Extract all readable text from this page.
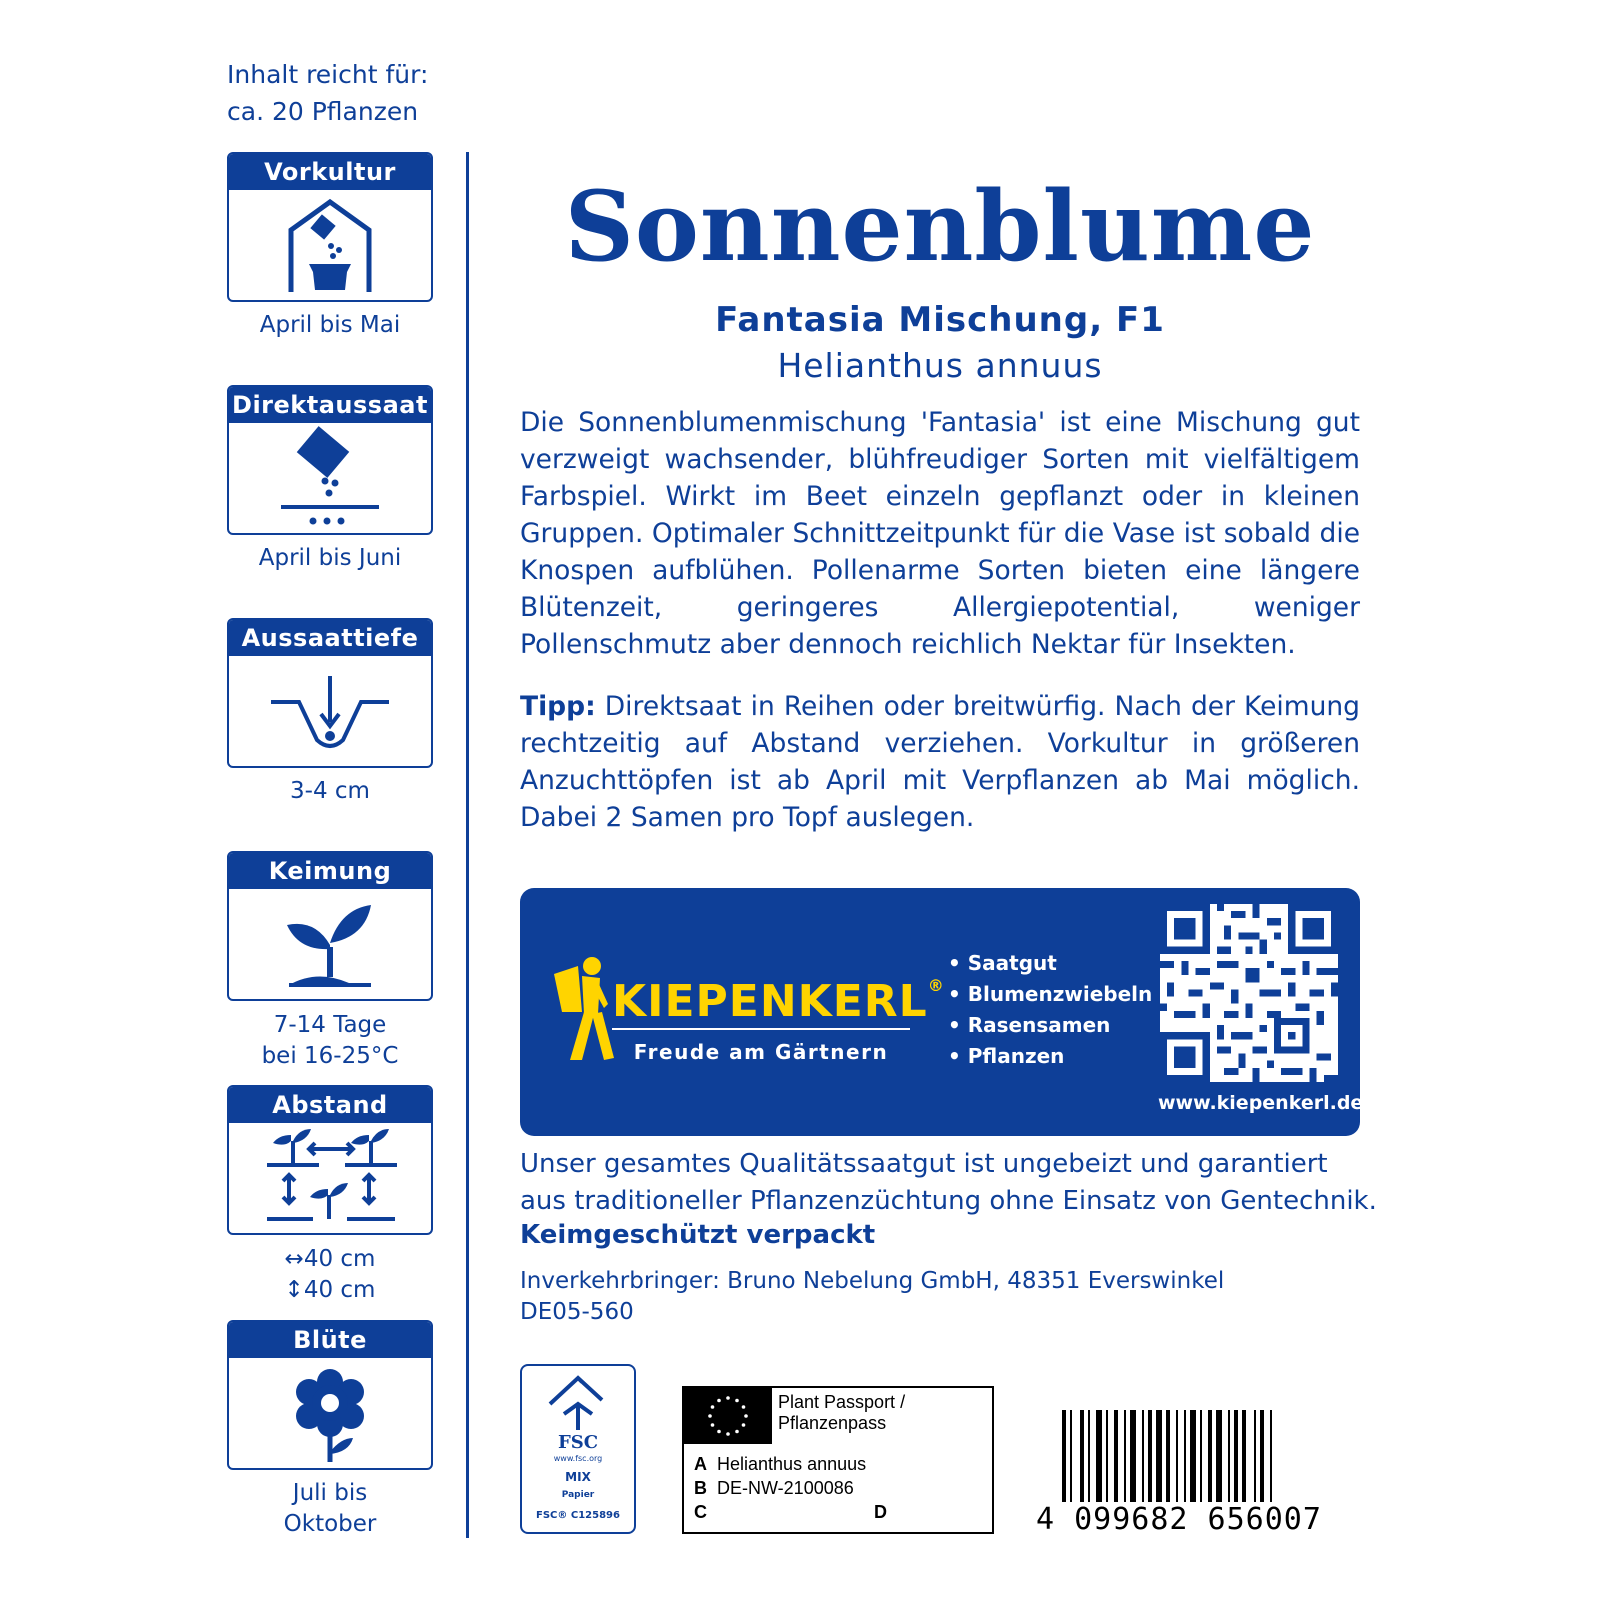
Inhalt reicht für:
ca. 20 Pflanzen
Vorkultur
April bis Mai
Direktaussaat
April bis Juni
Aussaattiefe
3-4 cm
Keimung
7-14 Tage
bei 16-25°C
Abstand
↔40 cm
↕40 cm
Blüte
Juli bis
Oktober
Sonnenblume
Fantasia Mischung, F1
Helianthus annuus
Die Sonnenblumenmischung 'Fantasia' ist eine Mischung gut verzweigt wachsender, blühfreudiger Sorten mit vielfältigem Farbspiel. Wirkt im Beet einzeln gepflanzt oder in kleinen Gruppen. Optimaler Schnittzeitpunkt für die Vase ist sobald die Knospen aufblühen. Pollenarme Sorten bieten eine längere Blütenzeit, geringeres Allergiepotential, weniger Pollenschmutz aber dennoch reichlich Nektar für Insekten.
Tipp: Direktsaat in Reihen oder breitwürfig. Nach der Keimung rechtzeitig auf Abstand verziehen. Vorkultur in größeren Anzuchttöpfen ist ab April mit Verpflanzen ab Mai möglich. Dabei 2 Samen pro Topf auslegen.
KIEPENKERL®
Freude am Gärtnern
• Saatgut
• Blumenzwiebeln
• Rasensamen
• Pflanzen
www.kiepenkerl.de
Unser gesamtes Qualitätssaatgut ist ungebeizt und garantiert aus traditioneller Pflanzenzüchtung ohne Einsatz von Gentechnik.
Keimgeschützt verpackt
Inverkehrbringer: Bruno Nebelung GmbH, 48351 Everswinkel
DE05-560
FSC
www.fsc.org
MIX
Papier
FSC® C125896
Plant Passport /
Pflanzenpass
A Helianthus annuus
B DE-NW-2100086
C	D	4 099682 656007
